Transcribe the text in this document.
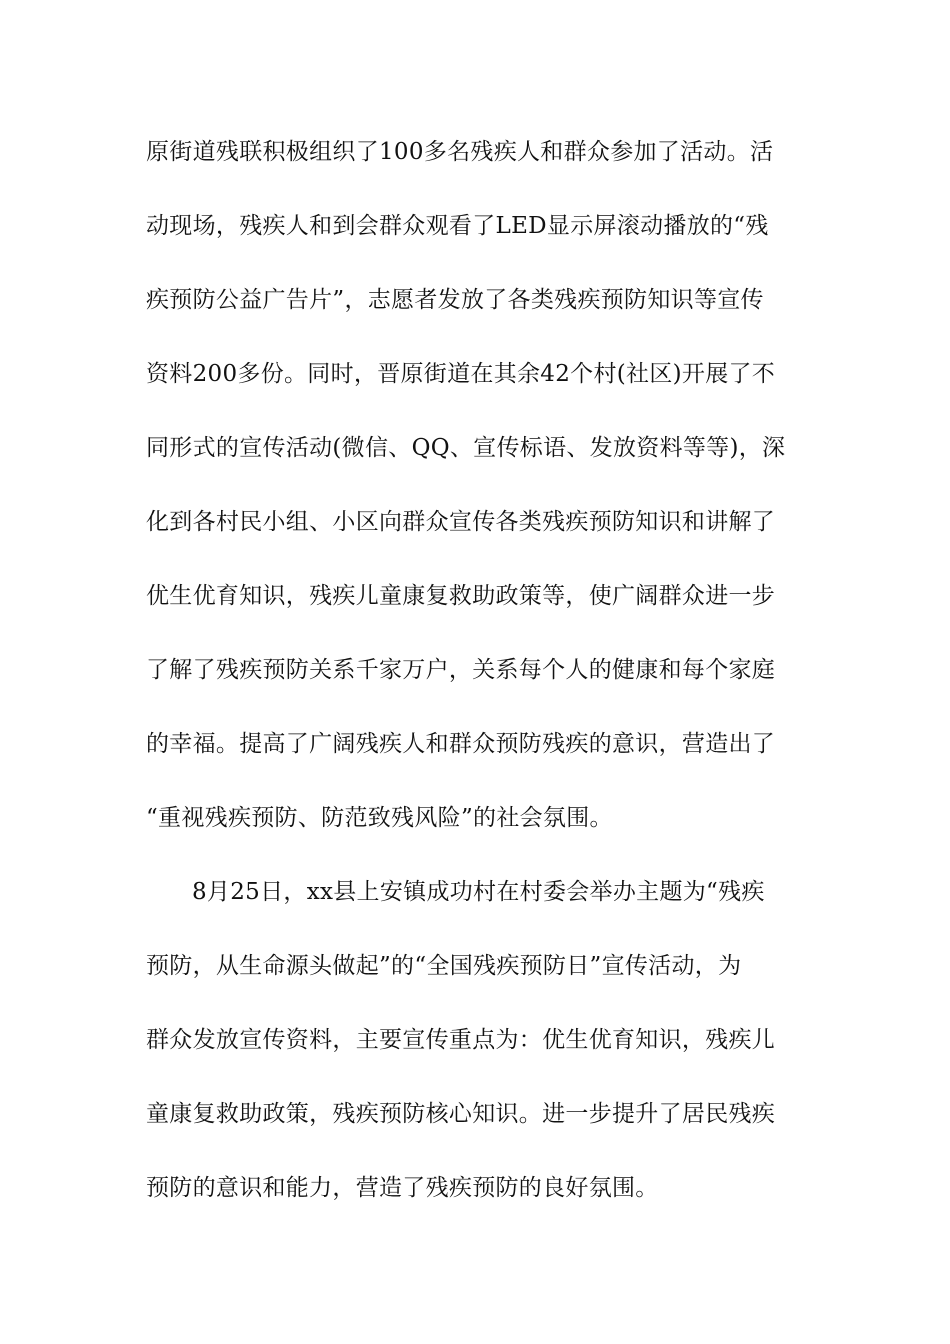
原街道残联积极组织了100多名残疾人和群众参加了活动。活
动现场，残疾人和到会群众观看了LED显示屏滚动播放的“残
疾预防公益广告片”，志愿者发放了各类残疾预防知识等宣传
资料200多份。同时，晋原街道在其余42个村(社区)开展了不
同形式的宣传活动(微信、QQ、宣传标语、发放资料等等)，深
化到各村民小组、小区向群众宣传各类残疾预防知识和讲解了
优生优育知识，残疾儿童康复救助政策等，使广阔群众进一步
了解了残疾预防关系千家万户，关系每个人的健康和每个家庭
的幸福。提高了广阔残疾人和群众预防残疾的意识，营造出了
“重视残疾预防、防范致残风险”的社会氛围。
8月25日，xx县上安镇成功村在村委会举办主题为“残疾
预防，从生命源头做起”的“全国残疾预防日”宣传活动，为
群众发放宣传资料，主要宣传重点为：优生优育知识，残疾儿
童康复救助政策，残疾预防核心知识。进一步提升了居民残疾
预防的意识和能力，营造了残疾预防的良好氛围。
